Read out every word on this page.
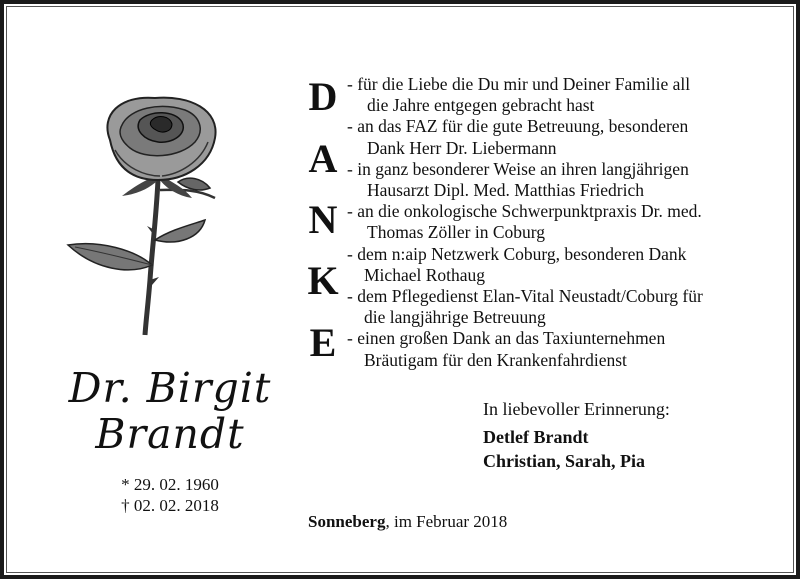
Dr. Birgit
Brandt
* 29. 02. 1960
† 02. 02. 2018
D
A
N
K
E
- für die Liebe die Du mir und Deiner Familie all
die Jahre entgegen gebracht hast
- an das FAZ für die gute Betreuung, besonderen
Dank Herr Dr. Liebermann
- in ganz besonderer Weise an ihren langjährigen
Hausarzt Dipl. Med. Matthias Friedrich
- an die onkologische Schwerpunktpraxis Dr. med.
Thomas Zöller in Coburg
- dem n:aip Netzwerk Coburg, besonderen Dank
Michael Rothaug
- dem Pflegedienst Elan-Vital Neustadt/Coburg für
die langjährige Betreuung
- einen großen Dank an das Taxiunternehmen
Bräutigam für den Krankenfahrdienst
In liebevoller Erinnerung:
Detlef Brandt
Christian, Sarah, Pia
Sonneberg, im Februar 2018
